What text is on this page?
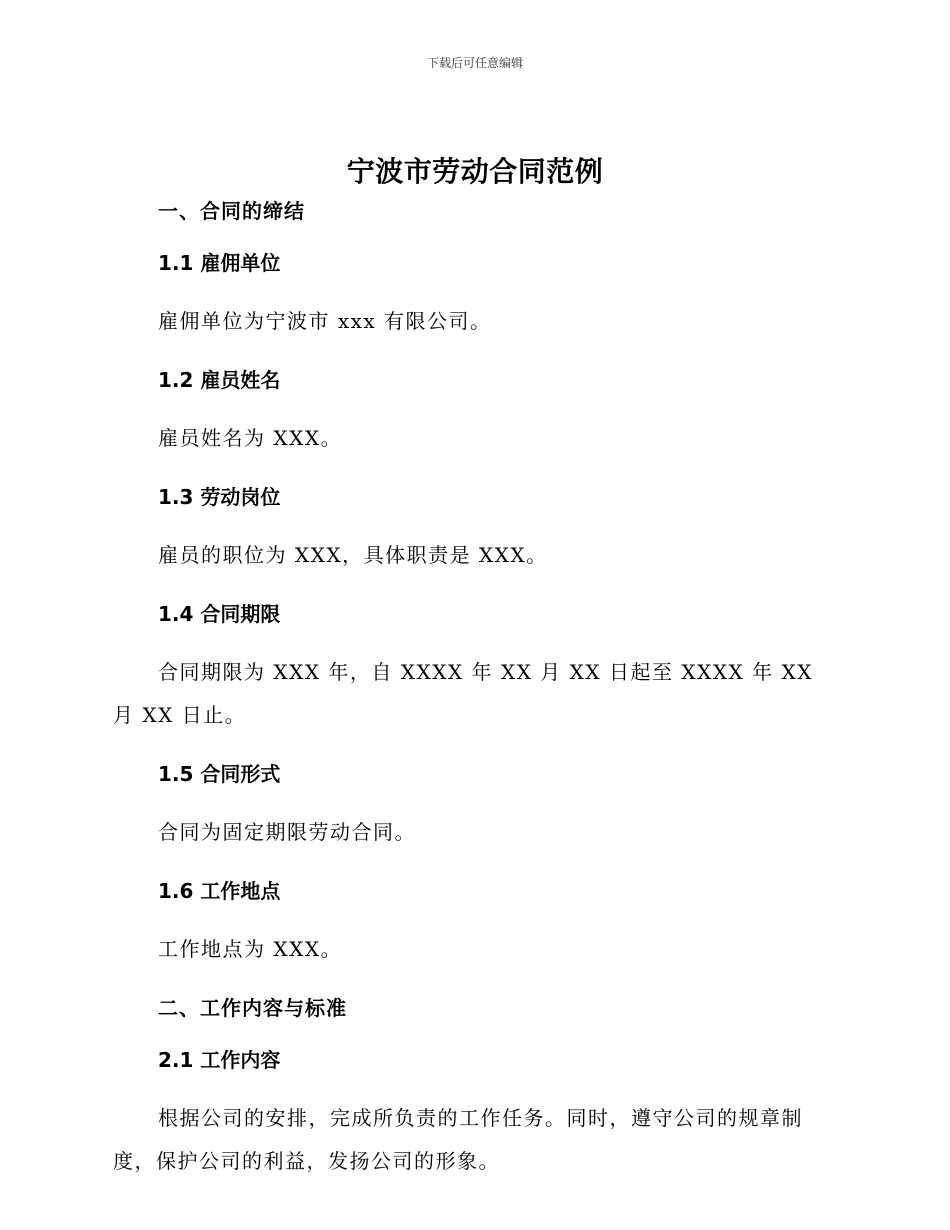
下载后可任意编辑
宁波市劳动合同范例
一、合同的缔结
1.1 雇佣单位
雇佣单位为宁波市 xxx 有限公司。
1.2 雇员姓名
雇员姓名为 XXX。
1.3 劳动岗位
雇员的职位为 XXX，具体职责是 XXX。
1.4 合同期限
合同期限为 XXX 年，自 XXXX 年 XX 月 XX 日起至 XXXX 年 XX 月 XX 日止。
1.5 合同形式
合同为固定期限劳动合同。
1.6 工作地点
工作地点为 XXX。
二、工作内容与标准
2.1 工作内容
根据公司的安排，完成所负责的工作任务。同时，遵守公司的规章制度，保护公司的利益，发扬公司的形象。
